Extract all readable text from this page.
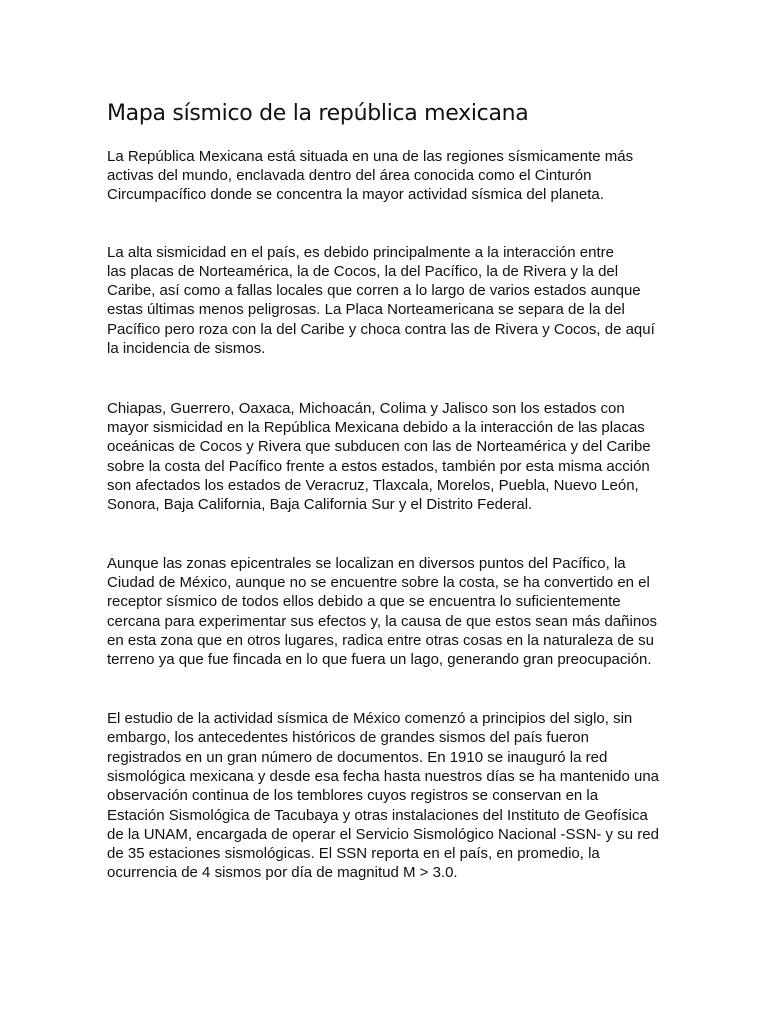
Mapa sísmico de la república mexicana

La República Mexicana está situada en una de las regiones sísmicamente más

activas del mundo, enclavada dentro del área conocida como el Cinturón

Circumpacífico donde se concentra la mayor actividad sísmica del planeta.

La alta sismicidad en el país, es debido principalmente a la interacción entre

las placas de Norteamérica, la de Cocos, la del Pacífico, la de Rivera y la del

Caribe, así como a fallas locales que corren a lo largo de varios estados aunque

estas últimas menos peligrosas. La Placa Norteamericana se separa de la del

Pacífico pero roza con la del Caribe y choca contra las de Rivera y Cocos, de aquí

la incidencia de sismos.

Chiapas, Guerrero, Oaxaca, Michoacán, Colima y Jalisco son los estados con

mayor sismicidad en la República Mexicana debido a la interacción de las placas

oceánicas de Cocos y Rivera que subducen con las de Norteamérica y del Caribe

sobre la costa del Pacífico frente a estos estados, también por esta misma acción

son afectados los estados de Veracruz, Tlaxcala, Morelos, Puebla, Nuevo León,

Sonora, Baja California, Baja California Sur y el Distrito Federal.

Aunque las zonas epicentrales se localizan en diversos puntos del Pacífico, la

Ciudad de México, aunque no se encuentre sobre la costa, se ha convertido en el

receptor sísmico de todos ellos debido a que se encuentra lo suficientemente

cercana para experimentar sus efectos y, la causa de que estos sean más dañinos

en esta zona que en otros lugares, radica entre otras cosas en la naturaleza de su

terreno ya que fue fincada en lo que fuera un lago, generando gran preocupación.

El estudio de la actividad sísmica de México comenzó a principios del siglo, sin

embargo, los antecedentes históricos de grandes sismos del país fueron

registrados en un gran número de documentos. En 1910 se inauguró la red

sismológica mexicana y desde esa fecha hasta nuestros días se ha mantenido una

observación continua de los temblores cuyos registros se conservan en la

Estación Sismológica de Tacubaya y otras instalaciones del Instituto de Geofísica

de la UNAM, encargada de operar el Servicio Sismológico Nacional -SSN- y su red

de 35 estaciones sismológicas. El SSN reporta en el país, en promedio, la

ocurrencia de 4 sismos por día de magnitud M > 3.0.
